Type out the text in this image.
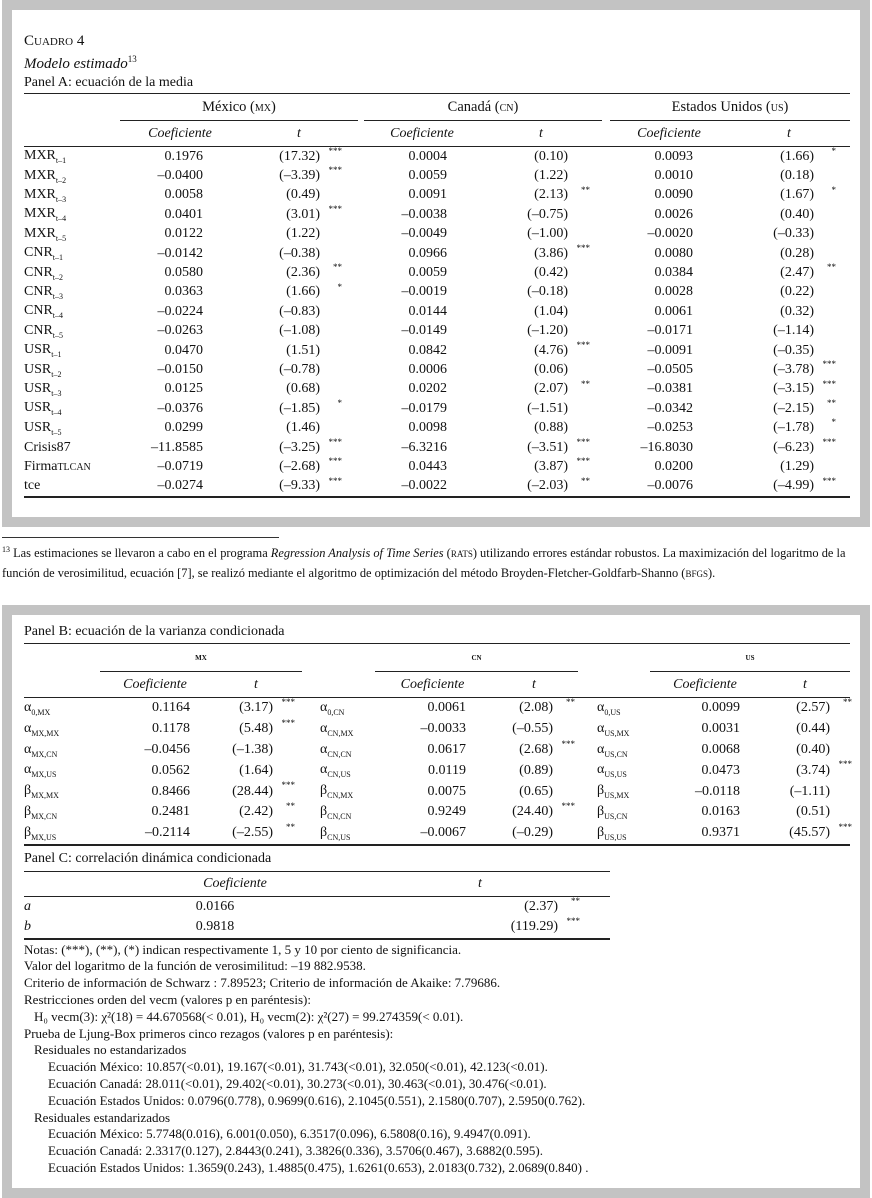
Cuadro 4
Modelo estimado$^{13}$
Panel A: ecuación de la media
	México (mx)			Canadá (cn)			Estados Unidos (us)	
	Coeficiente	t		Coeficiente	t		Coeficiente	t
$MXR_{t-1}$	0.1976	(17.32) ***		0.0004	(0.10)		0.0093	(1.66) *

$MXR_{t-2}$	–0.0400	(–3.39) ***		0.0059	(1.22)		0.0010	(0.18)

$MXR_{t-3}$	0.0058	(0.49)		0.0091	(2.13) **		0.0090	(1.67) *

$MXR_{t-4}$	0.0401	(3.01) ***		–0.0038	(–0.75)		0.0026	(0.40)

$MXR_{t-5}$	0.0122	(1.22)		–0.0049	(–1.00)		–0.0020	(–0.33)

$CNR_{t-1}$	–0.0142	(–0.38)		0.0966	(3.86) ***		0.0080	(0.28)

$CNR_{t-2}$	0.0580	(2.36) **		0.0059	(0.42)		0.0384	(2.47) **

$CNR_{t-3}$	0.0363	(1.66) *		–0.0019	(–0.18)		0.0028	(0.22)

$CNR_{t-4}$	–0.0224	(–0.83)		0.0144	(1.04)		0.0061	(0.32)

$CNR_{t-5}$	–0.0263	(–1.08)		–0.0149	(–1.20)		–0.0171	(–1.14)

$USR_{t-1}$	0.0470	(1.51)		0.0842	(4.76) ***		–0.0091	(–0.35)

$USR_{t-2}$	–0.0150	(–0.78)		0.0006	(0.06)		–0.0505	(–3.78) ***

$USR_{t-3}$	0.0125	(0.68)		0.0202	(2.07) **		–0.0381	(–3.15) ***

$USR_{t-4}$	–0.0376	(–1.85) *		–0.0179	(–1.51)		–0.0342	(–2.15) **

$USR_{t-5}$	0.0299	(1.46)		0.0098	(0.88)		–0.0253	(–1.78) *

Crisis87	–11.8585	(–3.25) ***		–6.3216	(–3.51) ***		–16.8030	(–6.23) ***

Firmatlcan	–0.0719	(–2.68) ***		0.0443	(3.87) ***		0.0200	(1.29)

tce	–0.0274	(–9.33) ***		–0.0022	(–2.03) **		–0.0076	(–4.99) ***
$^{13}$ Las estimaciones se llevaron a cabo en el programa Regression Analysis of Time Series (rats) utilizando errores estándar robustos. La maximización del logaritmo de la función de verosimilitud, ecuación [7], se realizó mediante el algoritmo de optimización del método Broyden-Fletcher-Goldfarb-Shanno (bfgs).
Panel B: ecuación de la varianza condicionada
	mx			cn			us	
	Coeficiente	t		Coeficiente	t		Coeficiente	t
$\alpha_{0,MX}$	0.1164	(3.17) ***	$\alpha_{0,CN}$	0.0061	(2.08) **	$\alpha_{0,US}$	0.0099	(2.57) **

$\alpha_{MX,MX}$	0.1178	(5.48) ***	$\alpha_{CN,MX}$	–0.0033	(–0.55)	$\alpha_{US,MX}$	0.0031	(0.44)

$\alpha_{MX,CN}$	–0.0456	(–1.38)	$\alpha_{CN,CN}$	0.0617	(2.68) ***	$\alpha_{US,CN}$	0.0068	(0.40)

$\alpha_{MX,US}$	0.0562	(1.64)	$\alpha_{CN,US}$	0.0119	(0.89)	$\alpha_{US,US}$	0.0473	(3.74) ***

$\beta_{MX,MX}$	0.8466	(28.44) ***	$\beta_{CN,MX}$	0.0075	(0.65)	$\beta_{US,MX}$	–0.0118	(–1.11)

$\beta_{MX,CN}$	0.2481	(2.42) **	$\beta_{CN,CN}$	0.9249	(24.40) ***	$\beta_{US,CN}$	0.0163	(0.51)

$\beta_{MX,US}$	–0.2114	(–2.55) **	$\beta_{CN,US}$	–0.0067	(–0.29)	$\beta_{US,US}$	0.9371	(45.57) ***
Panel C: correlación dinámica condicionada
	Coeficiente	t
a	0.0166	(2.37) **

b	0.9818	(119.29) ***
Notas: (***), (**), (*) indican respectivamente 1, 5 y 10 por ciento de significancia.
Valor del logaritmo de la función de verosimilitud: –19 882.9538.
Criterio de información de Schwarz : 7.89523; Criterio de información de Akaike: 7.79686.
Restricciones orden del vecm (valores p en paréntesis):
H₀ vecm(3): χ²(18) = 44.670568(< 0.01), H₀ vecm(2): χ²(27) = 99.274359(< 0.01).
Prueba de Ljung-Box primeros cinco rezagos (valores p en paréntesis):
Residuales no estandarizados
Ecuación México: 10.857(<0.01), 19.167(<0.01), 31.743(<0.01), 32.050(<0.01), 42.123(<0.01).
Ecuación Canadá: 28.011(<0.01), 29.402(<0.01), 30.273(<0.01), 30.463(<0.01), 30.476(<0.01).
Ecuación Estados Unidos: 0.0796(0.778), 0.9699(0.616), 2.1045(0.551), 2.1580(0.707), 2.5950(0.762).
Residuales estandarizados
Ecuación México: 5.7748(0.016), 6.001(0.050), 6.3517(0.096), 6.5808(0.16), 9.4947(0.091).
Ecuación Canadá: 2.3317(0.127), 2.8443(0.241), 3.3826(0.336), 3.5706(0.467), 3.6882(0.595).
Ecuación Estados Unidos: 1.3659(0.243), 1.4885(0.475), 1.6261(0.653), 2.0183(0.732), 2.0689(0.840) .
